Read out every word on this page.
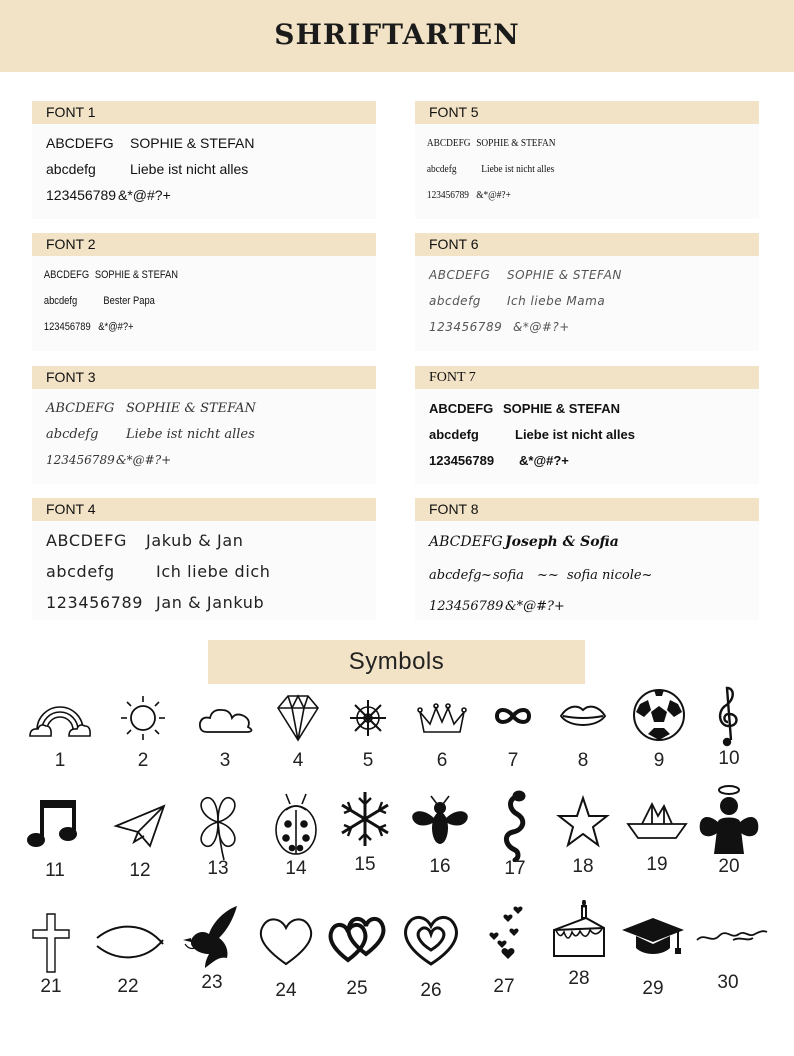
SHRIFTARTEN
FONT 1
ABCDEFG	SOPHIE & STEFAN
abcdefg	Liebe ist nicht alles
123456789 &*@#?+
FONT 2
ABCDEFG SOPHIE & STEFAN
abcdefg	Bester Papa
123456789 &*@#?+
FONT 3
ABCDEFG SOPHIE & STEFAN
abcdefg	Liebe ist nicht alles
123456789 &*@#?+
FONT 4
ABCDEFG	Jakub & Jan
abcdefg	Ich liebe dich
123456789 Jan & Jankub
FONT 5
ABCDEFG SOPHIE & STEFAN
abcdefg	Liebe ist nicht alles
123456789 &*@#?+
FONT 6
ABCDEFG	SOPHIE & STEFAN
abcdefg	Ich liebe Mama
123456789 &*@#?+
FONT 7
ABCDEFG SOPHIE & STEFAN
abcdefg	Liebe ist nicht alles
123456789	&*@#?+
FONT 8
ABCDEFG Joseph & Sofia
abcdefg ~ sofia	~~ sofia nicole ~
123456789 &*@#?+
Symbols
1	2	3	4	5	6	7	8	9	10
11	12	13	14	15	16	17	18	19	20
21	22	23	24	25	26	27	28	29	30
